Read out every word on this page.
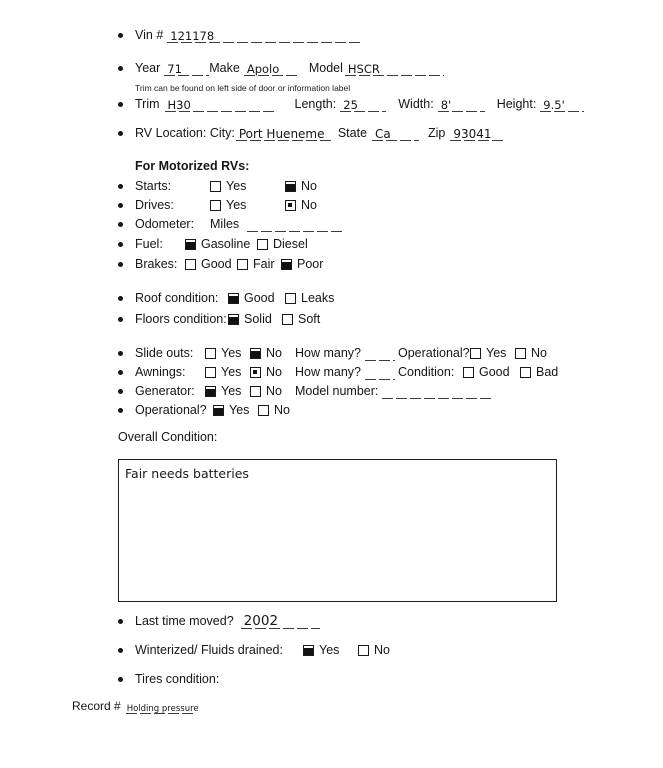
Vin # 121178
Year 71 Make Apolo Model HSCR
Trim can be found on left side of door or information label
Trim H30	Length: 25	Width: 8'	Height: 9.5'
RV Location: City: Port Hueneme State Ca	Zip 93041
For Motorized RVs:
Starts:	Yes	No
Drives:	Yes	No
Odometer:	Miles
Fuel:	Gasoline Diesel
Brakes:	Good Fair Poor
Roof condition:	Good Leaks
Floors condition: Solid Soft
Slide outs:	Yes No How many?	Operational? Yes No
Awnings:	Yes No How many?	Condition:	Good Bad
Generator:	Yes No Model number:
Operational?	Yes No
Overall Condition:
Fair needs batteries
Last time moved? 2002
Winterized/ Fluids drained:	Yes	No
Tires condition:
Record # Holding pressure
